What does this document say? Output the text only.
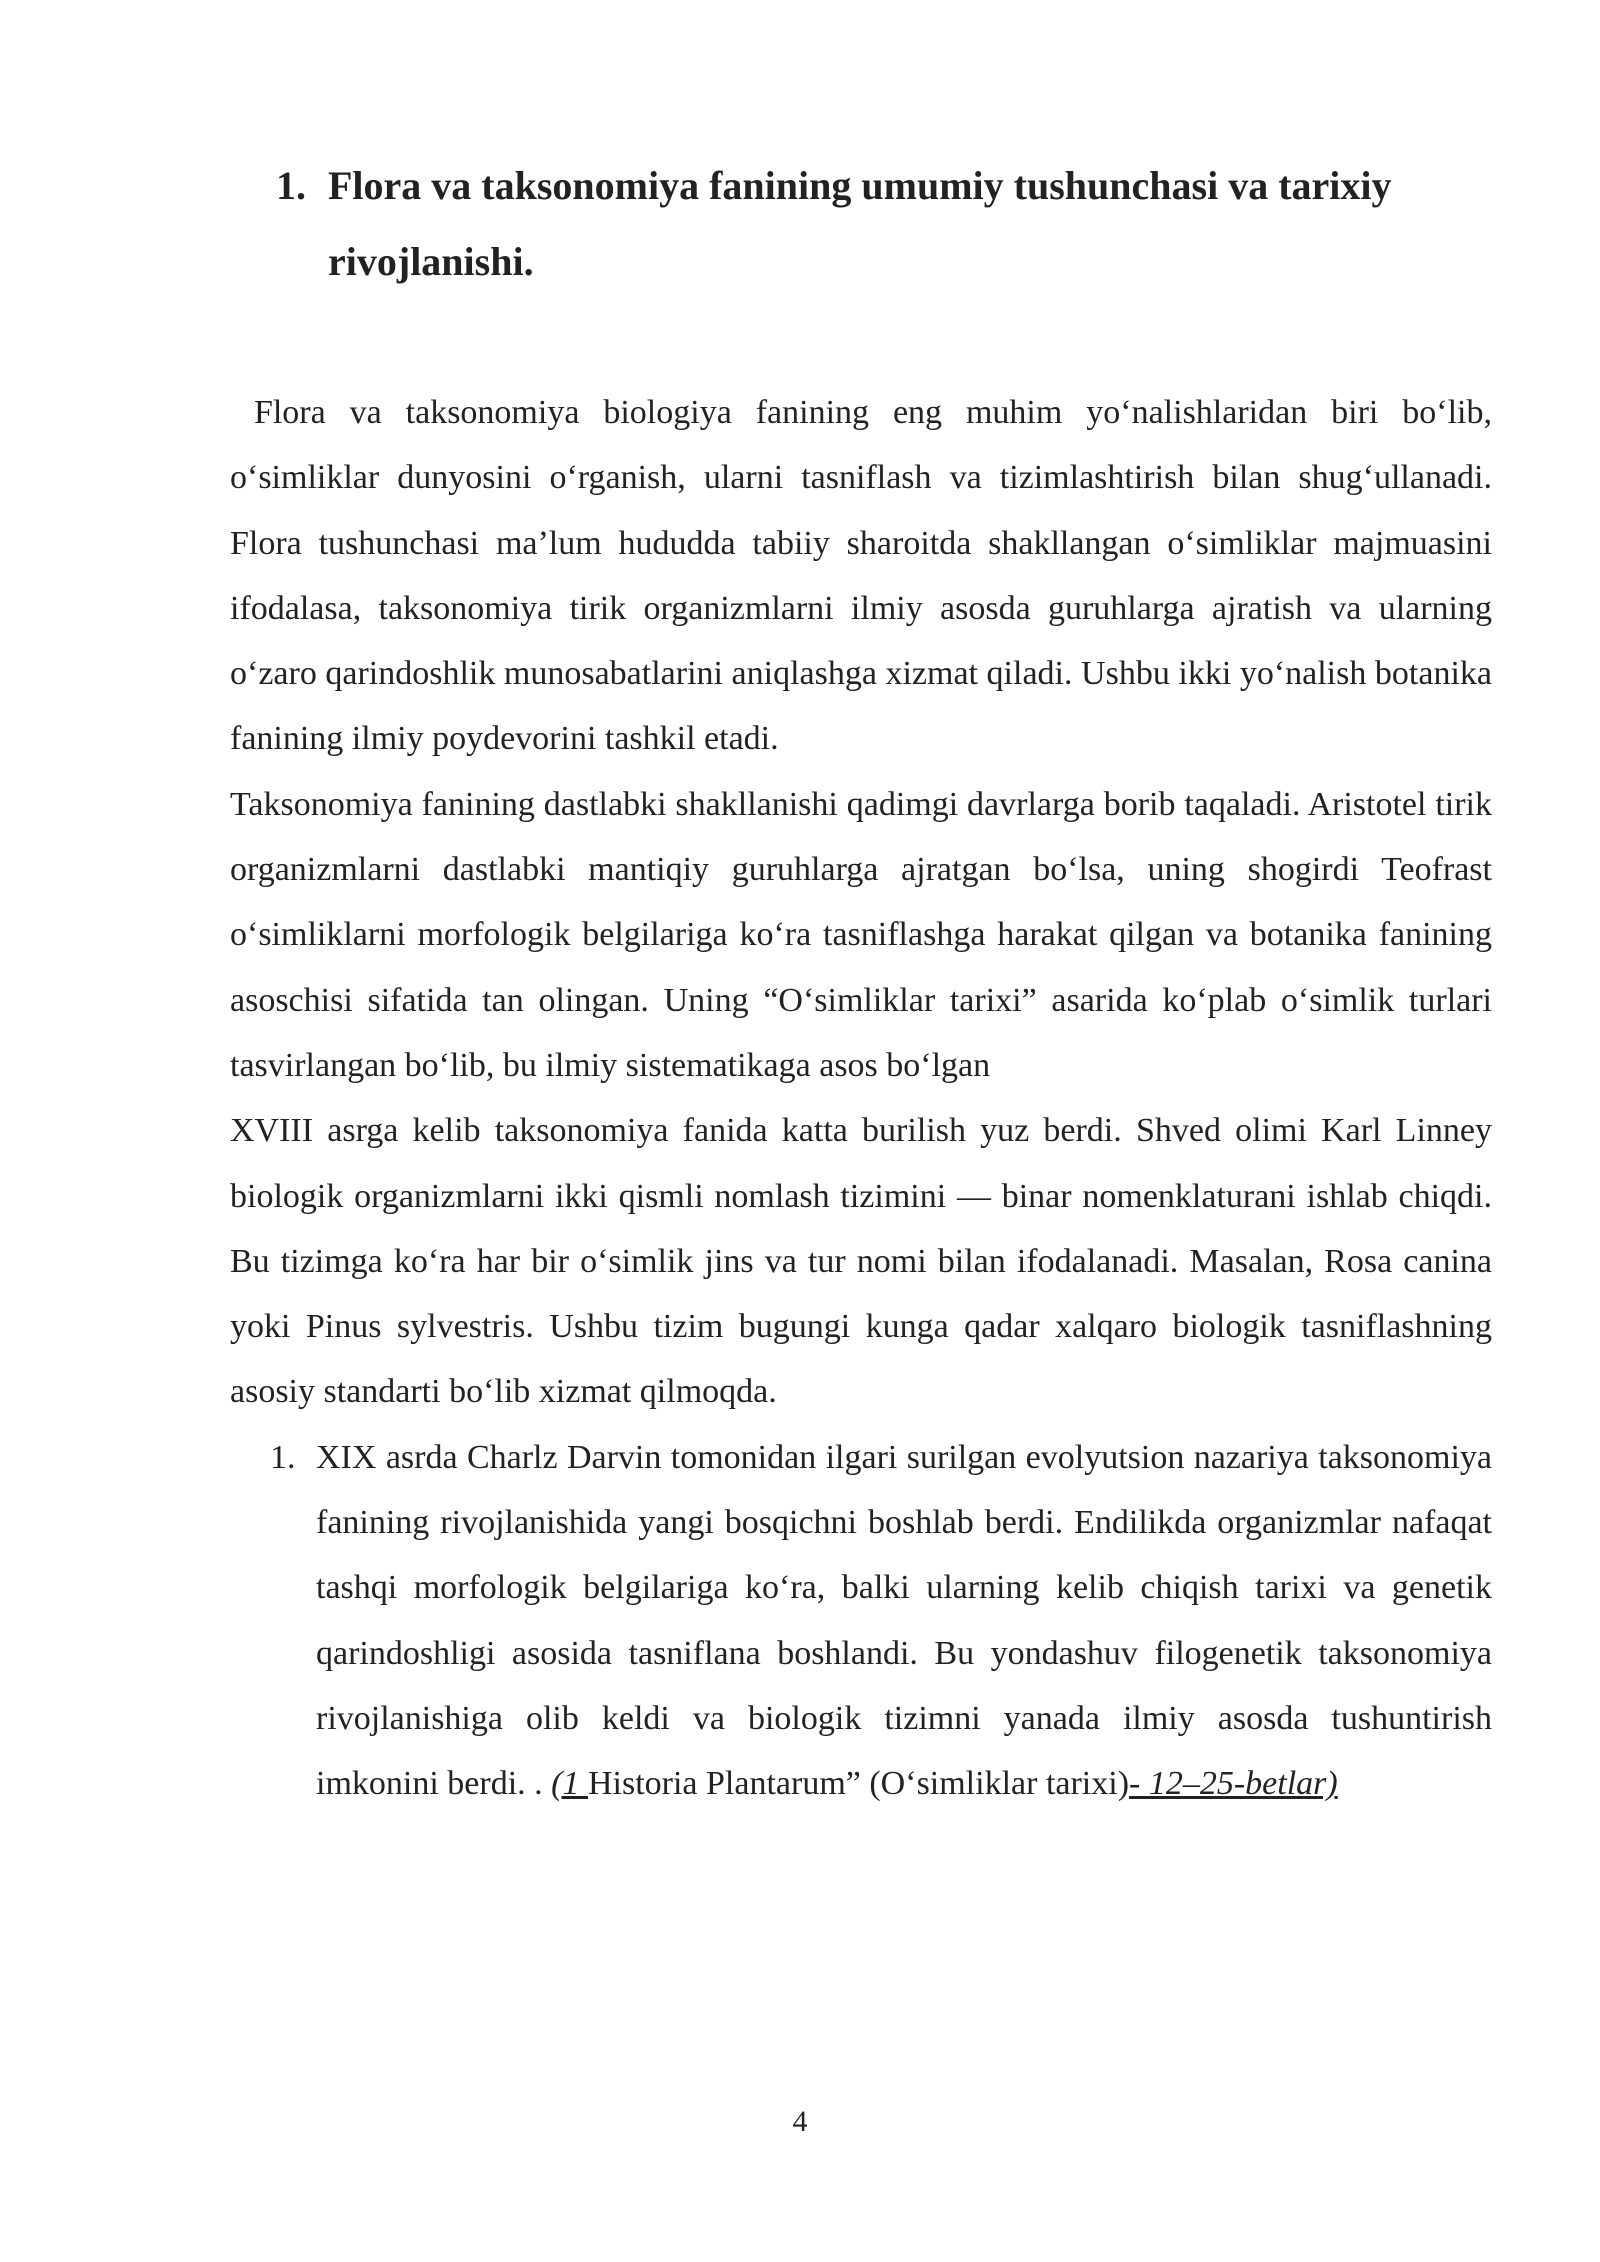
1. Flora va taksonomiya fanining umumiy tushunchasi va tarixiy rivojlanishi.

Flora va taksonomiya biologiya fanining eng muhim yoʻnalishlaridan biri boʻlib, oʻsimliklar dunyosini oʻrganish, ularni tasniflash va tizimlashtirish bilan shugʻullanadi. Flora tushunchasi maʼlum hududda tabiiy sharoitda shakllangan oʻsimliklar majmuasini ifodalasa, taksonomiya tirik organizmlarni ilmiy asosda guruhlarga ajratish va ularning oʻzaro qarindoshlik munosabatlarini aniqlashga xizmat qiladi. Ushbu ikki yoʻnalish botanika fanining ilmiy poydevorini tashkil etadi.

Taksonomiya fanining dastlabki shakllanishi qadimgi davrlarga borib taqaladi. Aristotel tirik organizmlarni dastlabki mantiqiy guruhlarga ajratgan boʻlsa, uning shogirdi Teofrast oʻsimliklarni morfologik belgilariga koʻra tasniflashga harakat qilgan va botanika fanining asoschisi sifatida tan olingan. Uning “Oʻsimliklar tarixi” asarida koʻplab oʻsimlik turlari tasvirlangan boʻlib, bu ilmiy sistematikaga asos boʻlgan

XVIII asrga kelib taksonomiya fanida katta burilish yuz berdi. Shved olimi Karl Linney biologik organizmlarni ikki qismli nomlash tizimini — binar nomenklaturani ishlab chiqdi. Bu tizimga koʻra har bir oʻsimlik jins va tur nomi bilan ifodalanadi. Masalan, Rosa canina yoki Pinus sylvestris. Ushbu tizim bugungi kunga qadar xalqaro biologik tasniflashning asosiy standarti boʻlib xizmat qilmoqda.

1. XIX asrda Charlz Darvin tomonidan ilgari surilgan evolyutsion nazariya taksonomiya fanining rivojlanishida yangi bosqichni boshlab berdi. Endilikda organizmlar nafaqat tashqi morfologik belgilariga koʻra, balki ularning kelib chiqish tarixi va genetik qarindoshligi asosida tasniflana boshlandi. Bu yondashuv filogenetik taksonomiya rivojlanishiga olib keldi va biologik tizimni yanada ilmiy asosda tushuntirish imkonini berdi. . (1 Historia Plantarum” (Oʻsimliklar tarixi)- 12–25-betlar)
4
